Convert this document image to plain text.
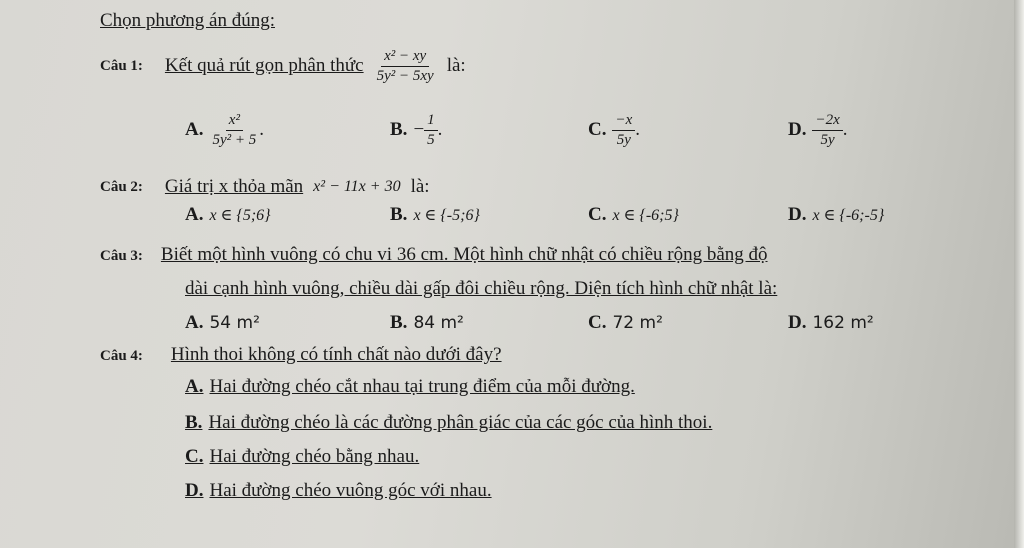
Chọn phương án đúng:
Câu 1: Kết quả rút gọn phân thức $\frac{\text{x² − xy}}{\text{5y² − 5xy}}$ là:
A. $\frac{\text{x²}}{\text{5y² + 5}}$ .	B. − $\frac{1}{5}$ .	C. $\frac{-x}{5y}$ .	D. $\frac{-2x}{5y}$ .
Câu 2: Giá trị x thỏa mãn x² − 11x + 30 là:
A. x ∈ {5;6}	B. x ∈ {-5;6}	C. x ∈ {-6;5}	D. x ∈ {-6;-5}
Câu 3: Biết một hình vuông có chu vi 36 cm. Một hình chữ nhật có chiều rộng bằng độ
dài cạnh hình vuông, chiều dài gấp đôi chiều rộng. Diện tích hình chữ nhật là:
A. 54 m²	B. 84 m²	C. 72 m²	D. 162 m²
Câu 4: Hình thoi không có tính chất nào dưới đây?
A. Hai đường chéo cắt nhau tại trung điểm của mỗi đường.
B. Hai đường chéo là các đường phân giác của các góc của hình thoi.
C. Hai đường chéo bằng nhau.
D. Hai đường chéo vuông góc với nhau.
